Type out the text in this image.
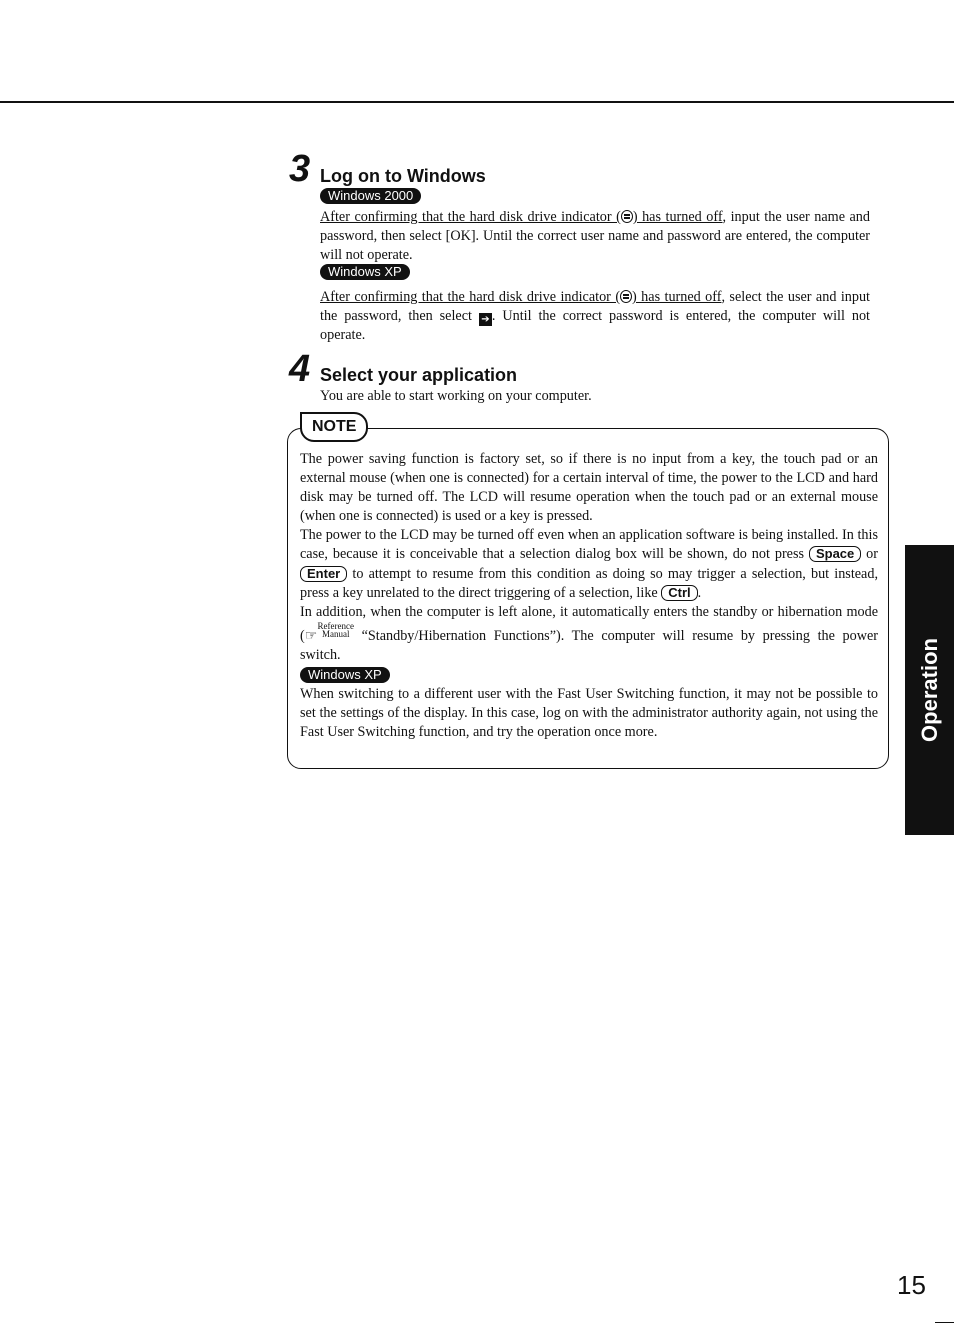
3 Log on to Windows
Windows 2000

After confirming that the hard disk drive indicator ( ) has turned off, input the user name and password, then select [OK]. Until the correct user name and password are entered, the computer will not operate.

Windows XP

After confirming that the hard disk drive indicator ( ) has turned off, select the user and input the password, then select ➔ . Until the correct password is entered, the computer will not operate.

4 Select your application

You are able to start working on your computer.

NOTE

The power saving function is factory set, so if there is no input from a key, the touch pad or an external mouse (when one is connected) for a certain interval of time, the power to the LCD and hard disk may be turned off. The LCD will resume operation when the touch pad or an external mouse (when one is connected) is used or a key is pressed.

The power to the LCD may be turned off even when an application software is being installed. In this case, because it is conceivable that a selection dialog box will be shown, do not press Space or Enter to attempt to resume from this condition as doing so may trigger a selection, but instead, press a key unrelated to the direct triggering of a selection, like Ctrl .

In addition, when the computer is left alone, it automatically enters the standby or hibernation mode (☞Reference
Manual “Standby/Hibernation Functions”). The computer will resume by pressing the power switch.

Windows XP

When switching to a different user with the Fast User Switching function, it may not be possible to set the settings of the display. In this case, log on with the administrator authority again, not using the Fast User Switching function, and try the operation once more.	Operation
15
